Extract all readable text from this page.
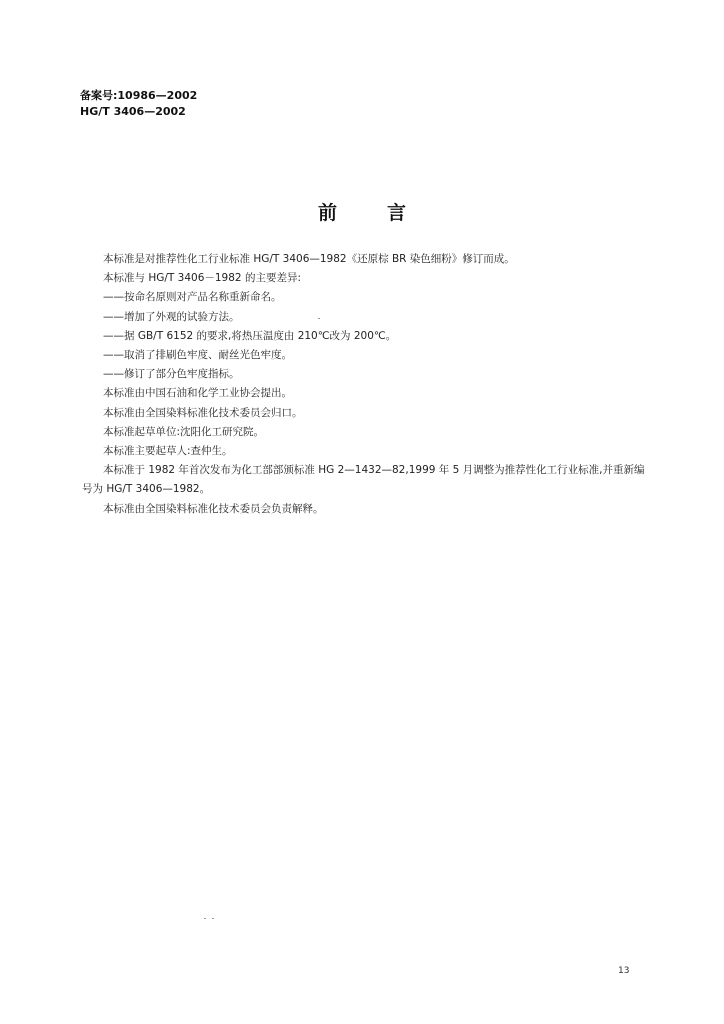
备案号:10986—2002
HG/T 3406—2002
前言

本标准是对推荐性化工行业标准 HG/T 3406—1982《还原棕 BR 染色细粉》修订而成。

本标准与 HG/T 3406－1982 的主要差异:

——按命名原则对产品名称重新命名。

——增加了外观的试验方法。

——据 GB/T 6152 的要求,将热压温度由 210℃改为 200℃。

——取消了排刷色牢度、耐丝光色牢度。

——修订了部分色牢度指标。

本标准由中国石油和化学工业协会提出。

本标准由全国染料标准化技术委员会归口。

本标准起草单位:沈阳化工研究院。

本标准主要起草人:查仲生。

本标准于 1982 年首次发布为化工部部颁标准 HG 2—1432—82,1999 年 5 月调整为推荐性化工行业标准,并重新编号为 HG/T 3406—1982。

本标准由全国染料标准化技术委员会负责解释。

13
